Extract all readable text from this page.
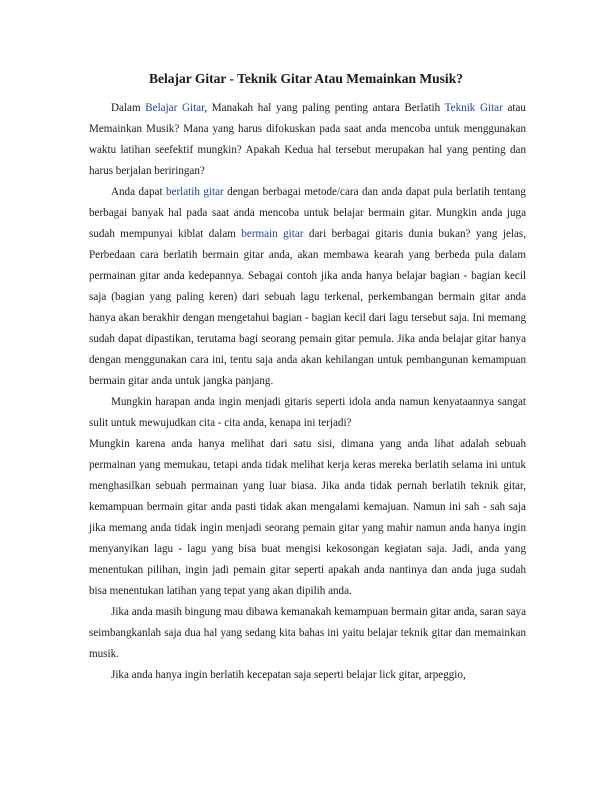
Belajar Gitar - Teknik Gitar Atau Memainkan Musik?

Dalam Belajar Gitar, Manakah hal yang paling penting antara Berlatih Teknik Gitar atau Memainkan Musik? Mana yang harus difokuskan pada saat anda mencoba untuk menggunakan waktu latihan seefektif mungkin? Apakah Kedua hal tersebut merupakan hal yang penting dan harus berjalan beriringan?

Anda dapat berlatih gitar dengan berbagai metode/cara dan anda dapat pula berlatih tentang berbagai banyak hal pada saat anda mencoba untuk belajar bermain gitar. Mungkin anda juga sudah mempunyai kiblat dalam bermain gitar dari berbagai gitaris dunia bukan? yang jelas, Perbedaan cara berlatih bermain gitar anda, akan membawa kearah yang berbeda pula dalam permainan gitar anda kedepannya. Sebagai contoh jika anda hanya belajar bagian - bagian kecil saja (bagian yang paling keren) dari sebuah lagu terkenal, perkembangan bermain gitar anda hanya akan berakhir dengan mengetahui bagian - bagian kecil dari lagu tersebut saja. Ini memang sudah dapat dipastikan, terutama bagi seorang pemain gitar pemula. Jika anda belajar gitar hanya dengan menggunakan cara ini, tentu saja anda akan kehilangan untuk pembangunan kemampuan bermain gitar anda untuk jangka panjang.

Mungkin harapan anda ingin menjadi gitaris seperti idola anda namun kenyataannya sangat sulit untuk mewujudkan cita - cita anda, kenapa ini terjadi?

Mungkin karena anda hanya melihat dari satu sisi, dimana yang anda lihat adalah sebuah permainan yang memukau, tetapi anda tidak melihat kerja keras mereka berlatih selama ini untuk menghasilkan sebuah permainan yang luar biasa. Jika anda tidak pernah berlatih teknik gitar, kemampuan bermain gitar anda pasti tidak akan mengalami kemajuan. Namun ini sah - sah saja jika memang anda tidak ingin menjadi seorang pemain gitar yang mahir namun anda hanya ingin menyanyikan lagu - lagu yang bisa buat mengisi kekosongan kegiatan saja. Jadi, anda yang menentukan pilihan, ingin jadi pemain gitar seperti apakah anda nantinya dan anda juga sudah bisa menentukan latihan yang tepat yang akan dipilih anda.

Jika anda masih bingung mau dibawa kemanakah kemampuan bermain gitar anda, saran saya seimbangkanlah saja dua hal yang sedang kita bahas ini yaitu belajar teknik gitar dan memainkan musik.

Jika anda hanya ingin berlatih kecepatan saja seperti belajar lick gitar, arpeggio,
